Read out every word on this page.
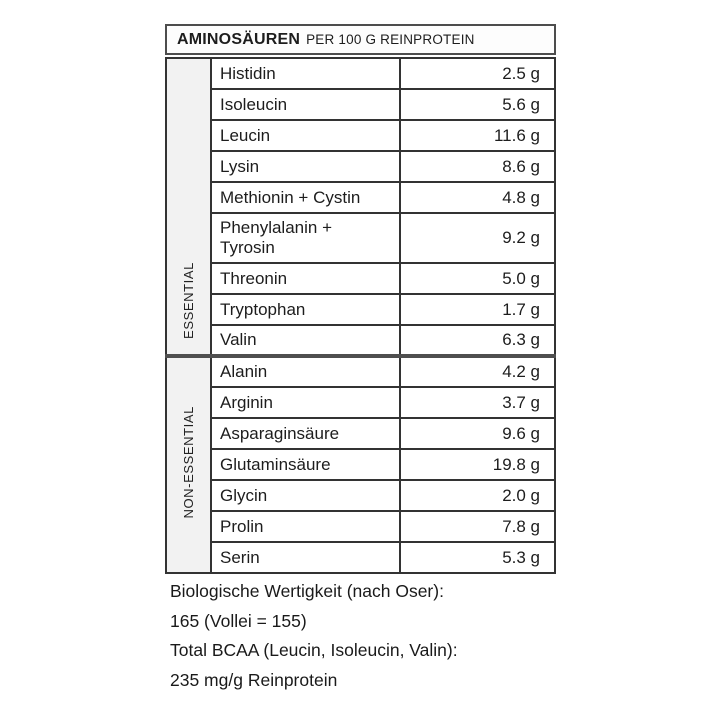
AMINOSÄUREN PER 100 G REINPROTEIN
ESSENTIAL	Histidin	2.5 g
	Isoleucin	5.6 g
	Leucin	11.6 g
	Lysin	8.6 g
	Methionin + Cystin	4.8 g
	Phenylalanin + Tyrosin	9.2 g
	Threonin	5.0 g
	Tryptophan	1.7 g
	Valin	6.3 g
NON-ESSENTIAL	Alanin	4.2 g
	Arginin	3.7 g
	Asparaginsäure	9.6 g
	Glutaminsäure	19.8 g
	Glycin	2.0 g
	Prolin	7.8 g
	Serin	5.3 g
Biologische Wertigkeit (nach Oser):
165 (Vollei = 155)
Total BCAA (Leucin, Isoleucin, Valin):
235 mg/g Reinprotein
